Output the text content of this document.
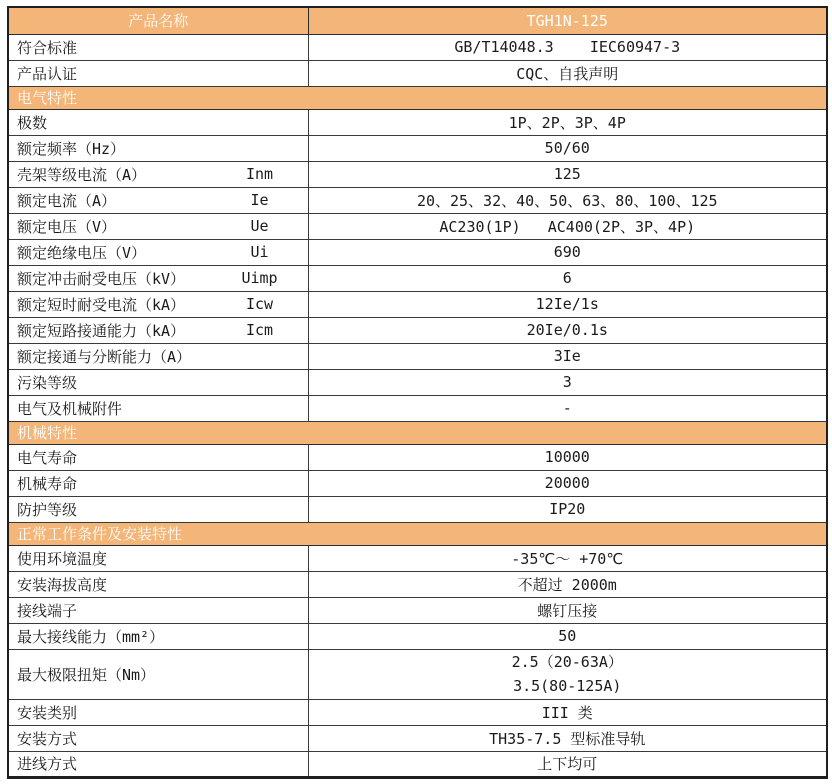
产品名称	TGH1N-125

符合标准	GB/T14048.3    IEC60947-3

产品认证	CQC、自我声明
电气特性	

极数	1P、2P、3P、4P

额定频率（Hz）	50/60

壳架等级电流（A） Inm	125

额定电流（A） Ie	20、25、32、40、50、63、80、100、125

额定电压（V） Ue	AC230(1P)   AC400(2P、3P、4P)

额定绝缘电压（V） Ui	690

额定冲击耐受电压（kV） Uimp	6

额定短时耐受电流（kA） Icw	12Ie/1s

额定短路接通能力（kA） Icm	20Ie/0.1s

额定接通与分断能力（A）	3Ie

污染等级	3

电气及机械附件	-
机械特性	

电气寿命	10000

机械寿命	20000

防护等级	IP20
正常工作条件及安装特性	

使用环境温度	-35℃～ +70℃

安装海拔高度	不超过 2000m

接线端子	螺钉压接

最大接线能力（mm²）	50

最大极限扭矩（Nm）	2.5（20-63A）
3.5(80-125A)

安装类别	III 类

安装方式	TH35-7.5 型标准导轨

进线方式	上下均可
